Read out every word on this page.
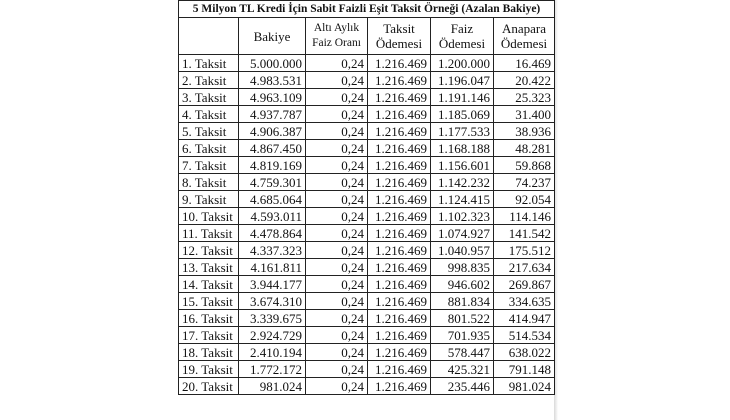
5 Milyon TL Kredi İçin Sabit Faizli Eşit Taksit Örneği (Azalan Bakiye)					
	Bakiye	Altı Aylık Faiz Oranı	Taksit Ödemesi	Faiz Ödemesi	Anapara Ödemesi
1. Taksit	5.000.000	0,24	1.216.469	1.200.000	16.469
2. Taksit	4.983.531	0,24	1.216.469	1.196.047	20.422
3. Taksit	4.963.109	0,24	1.216.469	1.191.146	25.323
4. Taksit	4.937.787	0,24	1.216.469	1.185.069	31.400
5. Taksit	4.906.387	0,24	1.216.469	1.177.533	38.936
6. Taksit	4.867.450	0,24	1.216.469	1.168.188	48.281
7. Taksit	4.819.169	0,24	1.216.469	1.156.601	59.868
8. Taksit	4.759.301	0,24	1.216.469	1.142.232	74.237
9. Taksit	4.685.064	0,24	1.216.469	1.124.415	92.054
10. Taksit	4.593.011	0,24	1.216.469	1.102.323	114.146
11. Taksit	4.478.864	0,24	1.216.469	1.074.927	141.542
12. Taksit	4.337.323	0,24	1.216.469	1.040.957	175.512
13. Taksit	4.161.811	0,24	1.216.469	998.835	217.634
14. Taksit	3.944.177	0,24	1.216.469	946.602	269.867
15. Taksit	3.674.310	0,24	1.216.469	881.834	334.635
16. Taksit	3.339.675	0,24	1.216.469	801.522	414.947
17. Taksit	2.924.729	0,24	1.216.469	701.935	514.534
18. Taksit	2.410.194	0,24	1.216.469	578.447	638.022
19. Taksit	1.772.172	0,24	1.216.469	425.321	791.148
20. Taksit	981.024	0,24	1.216.469	235.446	981.024
